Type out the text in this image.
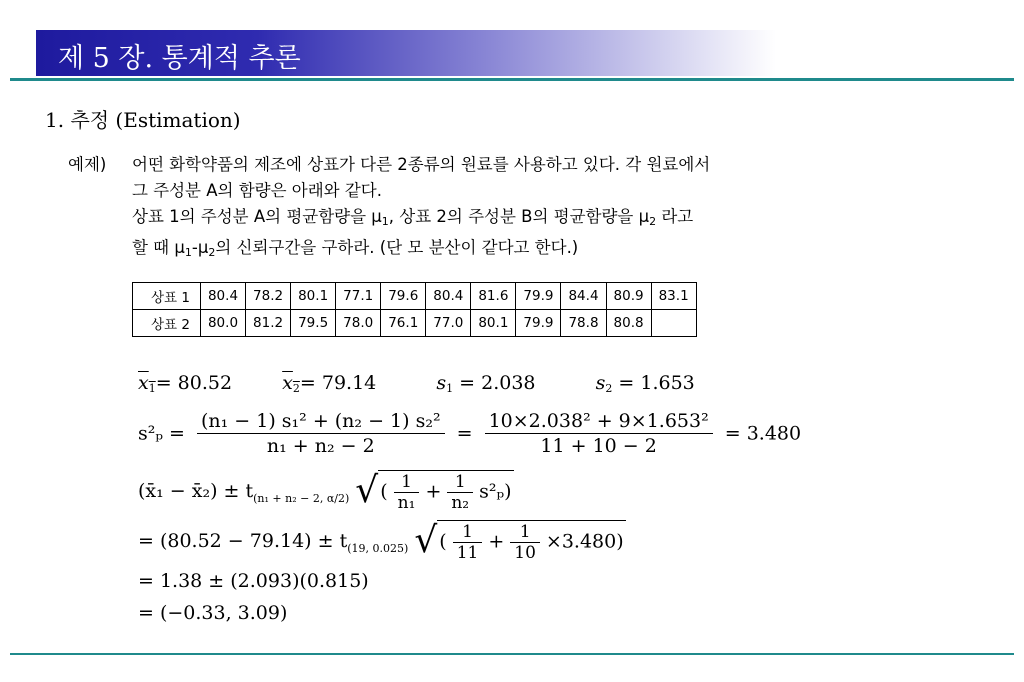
제 5 장. 통계적 추론
1. 추정 (Estimation)
예제) 어떤 화학약품의 제조에 상표가 다른 2종류의 원료를 사용하고 있다. 각 원료에서
그 주성분 A의 함량은 아래와 같다.
상표 1의 주성분 A의 평균함량을 $\mu_1$, 상표 2의 주성분 B의 평균함량을 $\mu_2$ 라고
할 때 $\mu_1-\mu_2$의 신뢰구간을 구하라. (단 모 분산이 같다고 한다.)
상표 1	80.4	78.2	80.1	77.1	79.6	80.4	81.6	79.9	84.4	80.9	83.1
상표 2	80.0	81.2	79.5	78.0	76.1	77.0	80.1	79.9	78.8	80.8	
$x_1= 80.52$	$x_2= 79.14$	$s_1 = 2.038$	$s_2 = 1.653$
$s^2_p = \frac{\text{(n₁ − 1) s₁² + (n₂ − 1) s₂²}}{\text{n₁ + n₂ − 2}} = \frac{\text{10×2.038² + 9×1.653²}}{11 + 10 - 2} = 3.480$
(x̄₁ − x̄₂) ± $t_{(n_1 + n_2 - 2, \alpha/2)}$ √ ( $\frac{1}{\text{n₁}} + \frac{1}{\text{n₂}} s^2_p$)
= $(80.52 - 79.14) \pm t_{(19, 0.025)}$ √ ( $\frac{1}{11} + \frac{1}{10} \times 3.480$)
= 1.38 ± (2.093)(0.815)
= (−0.33, 3.09)
